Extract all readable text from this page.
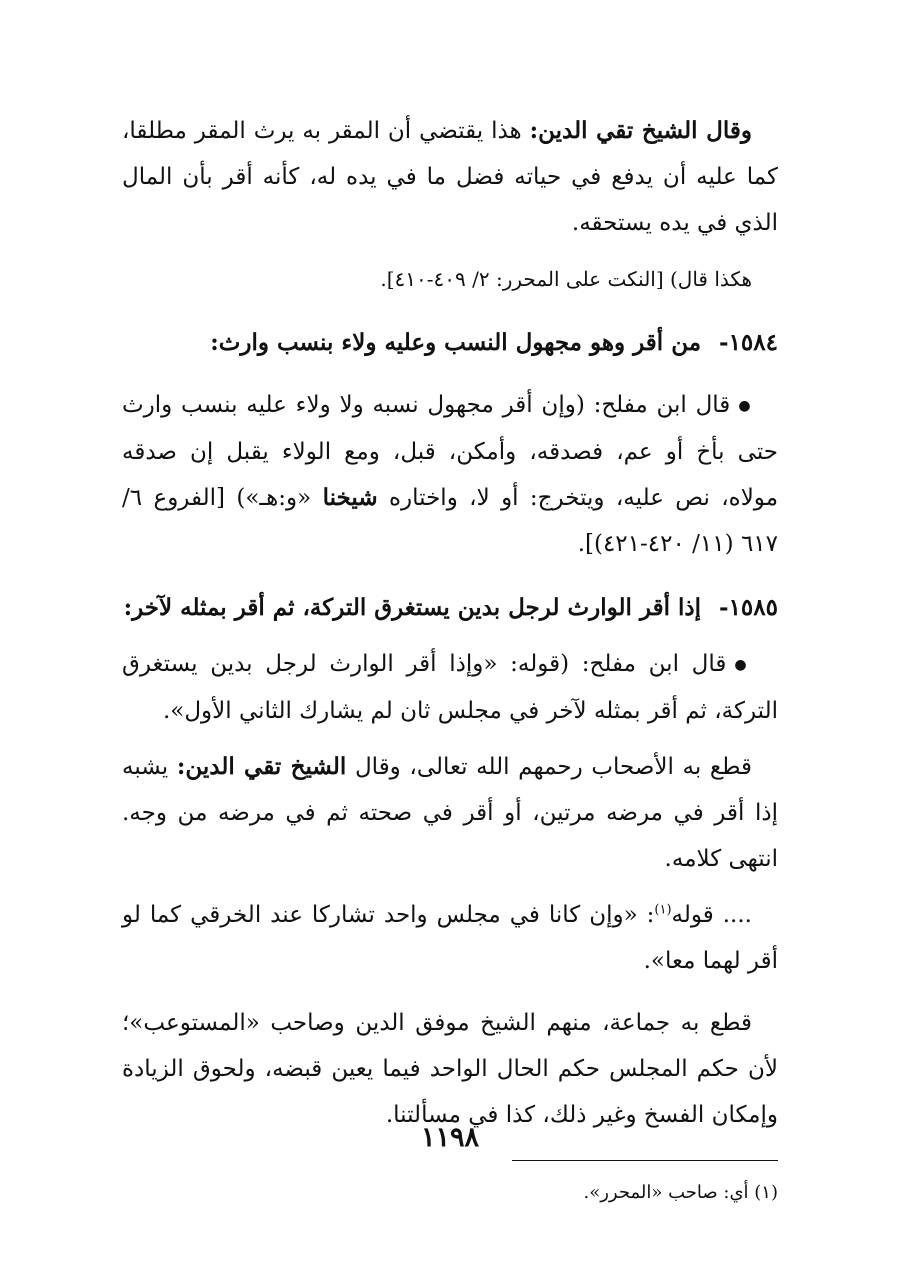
وقال الشيخ تقي الدين: هذا يقتضي أن المقر به يرث المقر مطلقا، كما عليه أن يدفع في حياته فضل ما في يده له، كأنه أقر بأن المال الذي في يده يستحقه.

هكذا قال) [النكت على المحرر: ٢/ ٤٠٩-٤١٠].

١٥٨٤-من أقر وهو مجهول النسب وعليه ولاء بنسب وارث:

●قال ابن مفلح: (وإن أقر مجهول نسبه ولا ولاء عليه بنسب وارث حتى بأخ أو عم، فصدقه، وأمكن، قبل، ومع الولاء يقبل إن صدقه مولاه، نص عليه، ويتخرج: أو لا، واختاره شيخنا «و:هـ») [الفروع ٦/ ٦١٧ (١١/ ٤٢٠-٤٢١)].

١٥٨٥-إذا أقر الوارث لرجل بدين يستغرق التركة، ثم أقر بمثله لآخر:

●قال ابن مفلح: (قوله: «وإذا أقر الوارث لرجل بدين يستغرق التركة، ثم أقر بمثله لآخر في مجلس ثان لم يشارك الثاني الأول».

قطع به الأصحاب رحمهم الله تعالى، وقال الشيخ تقي الدين: يشبه إذا أقر في مرضه مرتين، أو أقر في صحته ثم في مرضه من وجه. انتهى كلامه.

.... قوله$^{(١)}$: «وإن كانا في مجلس واحد تشاركا عند الخرقي كما لو أقر لهما معا».

قطع به جماعة، منهم الشيخ موفق الدين وصاحب «المستوعب»؛ لأن حكم المجلس حكم الحال الواحد فيما يعين قبضه، ولحوق الزيادة وإمكان الفسخ وغير ذلك، كذا في مسألتنا.

(١) أي: صاحب «المحرر».
١١٩٨
